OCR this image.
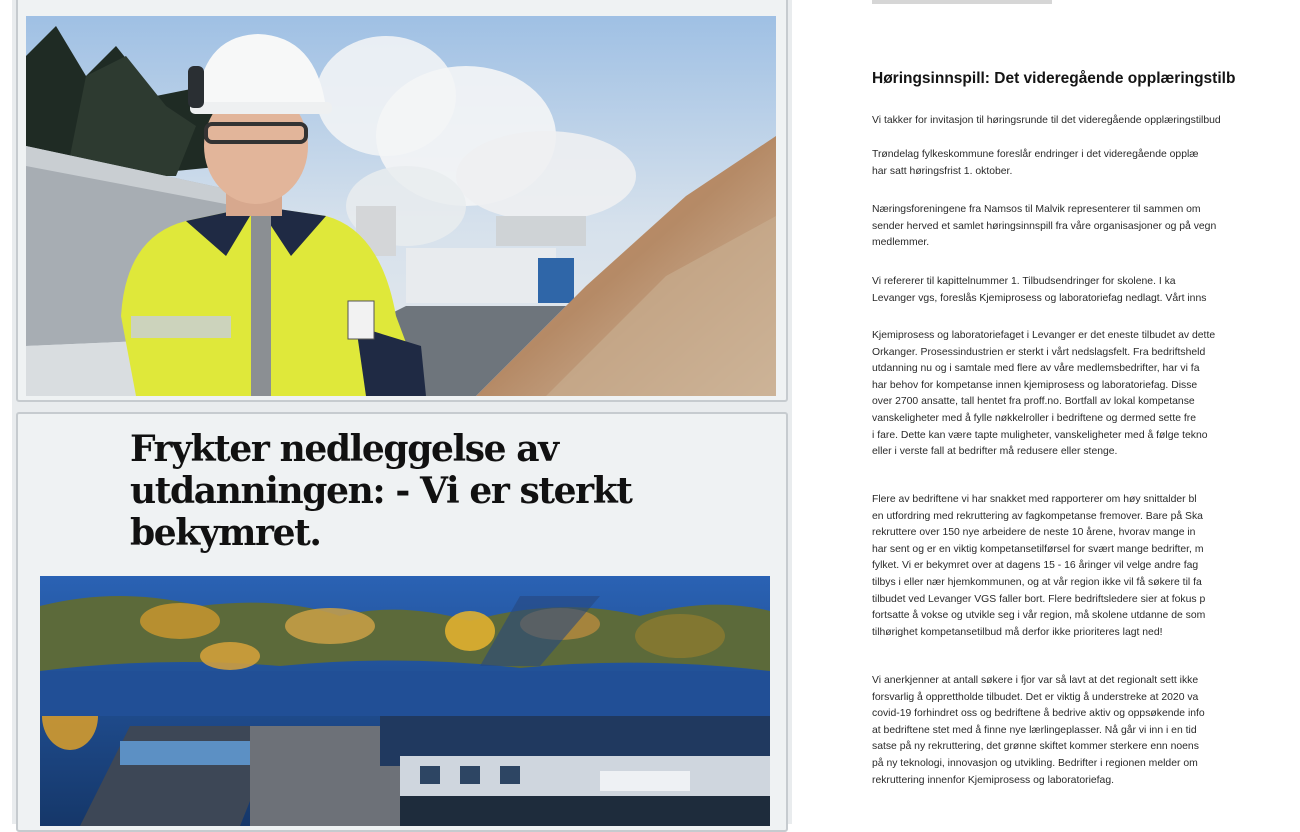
Frykter nedleggelse av
utdanningen: - Vi er sterkt
bekymret.
Høringsinnspill: Det videregående opplæringstilb
Vi takker for invitasjon til høringsrunde til det videregående opplæringstilbud
Trøndelag fylkeskommune foreslår endringer i det videregående opplæ
har satt høringsfrist 1. oktober.
Næringsforeningene fra Namsos til Malvik representerer til sammen om
sender herved et samlet høringsinnspill fra våre organisasjoner og på vegn
medlemmer.
Vi refererer til kapittelnummer 1. Tilbudsendringer for skolene. I ka
Levanger vgs, foreslås Kjemiprosess og laboratoriefag nedlagt. Vårt inns
Kjemiprosess og laboratoriefaget i Levanger er det eneste tilbudet av dette
Orkanger. Prosessindustrien er sterkt i vårt nedslagsfelt. Fra bedriftsheld
utdanning nu og i samtale med flere av våre medlemsbedrifter, har vi fa
har behov for kompetanse innen kjemiprosess og laboratoriefag. Disse
over 2700 ansatte, tall hentet fra proff.no. Bortfall av lokal kompetanse
vanskeligheter med å fylle nøkkelroller i bedriftene og dermed sette fre
i fare. Dette kan være tapte muligheter, vanskeligheter med å følge tekno
eller i verste fall at bedrifter må redusere eller stenge.
Flere av bedriftene vi har snakket med rapporterer om høy snittalder bl
en utfordring med rekruttering av fagkompetanse fremover. Bare på Ska
rekruttere over 150 nye arbeidere de neste 10 årene, hvorav mange in
har sent og er en viktig kompetansetilførsel for svært mange bedrifter, m
fylket. Vi er bekymret over at dagens 15 - 16 åringer vil velge andre fag
tilbys i eller nær hjemkommunen, og at vår region ikke vil få søkere til fa
tilbudet ved Levanger VGS faller bort. Flere bedriftsledere sier at fokus p
fortsatte å vokse og utvikle seg i vår region, må skolene utdanne de som
tilhørighet kompetansetilbud må derfor ikke prioriteres lagt ned!
Vi anerkjenner at antall søkere i fjor var så lavt at det regionalt sett ikke
forsvarlig å opprettholde tilbudet. Det er viktig å understreke at 2020 va
covid-19 forhindret oss og bedriftene å bedrive aktiv og oppsøkende info
at bedriftene stet med å finne nye lærlingeplasser. Nå går vi inn i en tid
satse på ny rekruttering, det grønne skiftet kommer sterkere enn noens
på ny teknologi, innovasjon og utvikling. Bedrifter i regionen melder om
rekruttering innenfor Kjemiprosess og laboratoriefag.
